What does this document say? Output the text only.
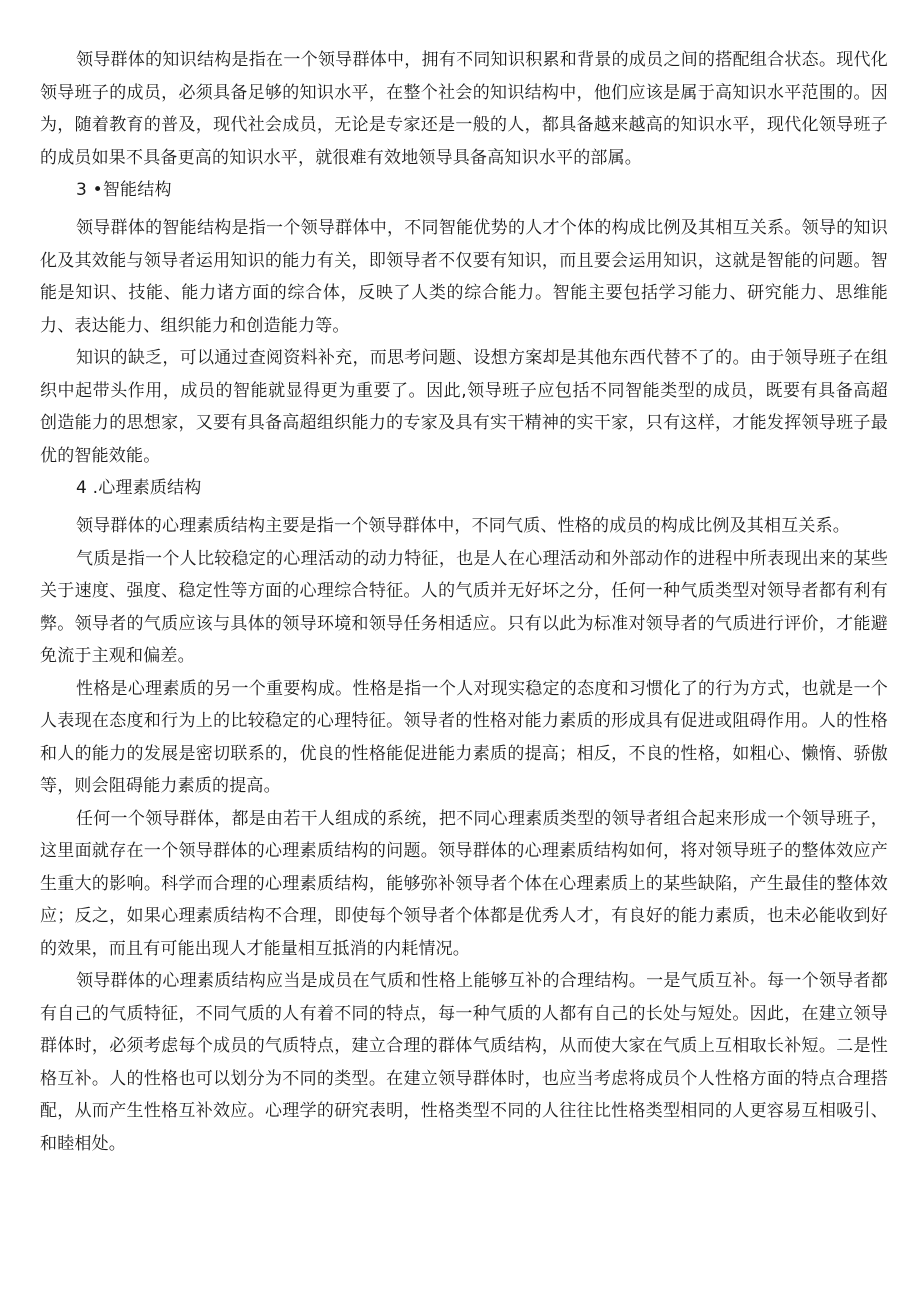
领导群体的知识结构是指在一个领导群体中，拥有不同知识积累和背景的成员之间的搭配组合状态。现代化领导班子的成员，必须具备足够的知识水平，在整个社会的知识结构中，他们应该是属于高知识水平范围的。因为，随着教育的普及，现代社会成员，无论是专家还是一般的人，都具备越来越高的知识水平，现代化领导班子的成员如果不具备更高的知识水平，就很难有效地领导具备高知识水平的部属。

3 •智能结构

领导群体的智能结构是指一个领导群体中，不同智能优势的人才个体的构成比例及其相互关系。领导的知识化及其效能与领导者运用知识的能力有关，即领导者不仅要有知识，而且要会运用知识，这就是智能的问题。智能是知识、技能、能力诸方面的综合体，反映了人类的综合能力。智能主要包括学习能力、研究能力、思维能力、表达能力、组织能力和创造能力等。

知识的缺乏，可以通过查阅资料补充，而思考问题、设想方案却是其他东西代替不了的。由于领导班子在组织中起带头作用，成员的智能就显得更为重要了。因此,领导班子应包括不同智能类型的成员，既要有具备高超创造能力的思想家，又要有具备高超组织能力的专家及具有实干精神的实干家，只有这样，才能发挥领导班子最优的智能效能。

4 .心理素质结构

领导群体的心理素质结构主要是指一个领导群体中，不同气质、性格的成员的构成比例及其相互关系。

气质是指一个人比较稳定的心理活动的动力特征，也是人在心理活动和外部动作的进程中所表现出来的某些关于速度、强度、稳定性等方面的心理综合特征。人的气质并无好坏之分，任何一种气质类型对领导者都有利有弊。领导者的气质应该与具体的领导环境和领导任务相适应。只有以此为标准对领导者的气质进行评价，才能避免流于主观和偏差。

性格是心理素质的另一个重要构成。性格是指一个人对现实稳定的态度和习惯化了的行为方式，也就是一个人表现在态度和行为上的比较稳定的心理特征。领导者的性格对能力素质的形成具有促进或阻碍作用。人的性格和人的能力的发展是密切联系的，优良的性格能促进能力素质的提高；相反，不良的性格，如粗心、懒惰、骄傲等，则会阻碍能力素质的提高。

任何一个领导群体，都是由若干人组成的系统，把不同心理素质类型的领导者组合起来形成一个领导班子，这里面就存在一个领导群体的心理素质结构的问题。领导群体的心理素质结构如何，将对领导班子的整体效应产生重大的影响。科学而合理的心理素质结构，能够弥补领导者个体在心理素质上的某些缺陷，产生最佳的整体效应；反之，如果心理素质结构不合理，即使每个领导者个体都是优秀人才，有良好的能力素质，也未必能收到好的效果，而且有可能出现人才能量相互抵消的内耗情况。

领导群体的心理素质结构应当是成员在气质和性格上能够互补的合理结构。一是气质互补。每一个领导者都有自己的气质特征，不同气质的人有着不同的特点，每一种气质的人都有自己的长处与短处。因此，在建立领导群体时，必须考虑每个成员的气质特点，建立合理的群体气质结构，从而使大家在气质上互相取长补短。二是性格互补。人的性格也可以划分为不同的类型。在建立领导群体时，也应当考虑将成员个人性格方面的特点合理搭配，从而产生性格互补效应。心理学的研究表明，性格类型不同的人往往比性格类型相同的人更容易互相吸引、和睦相处。
